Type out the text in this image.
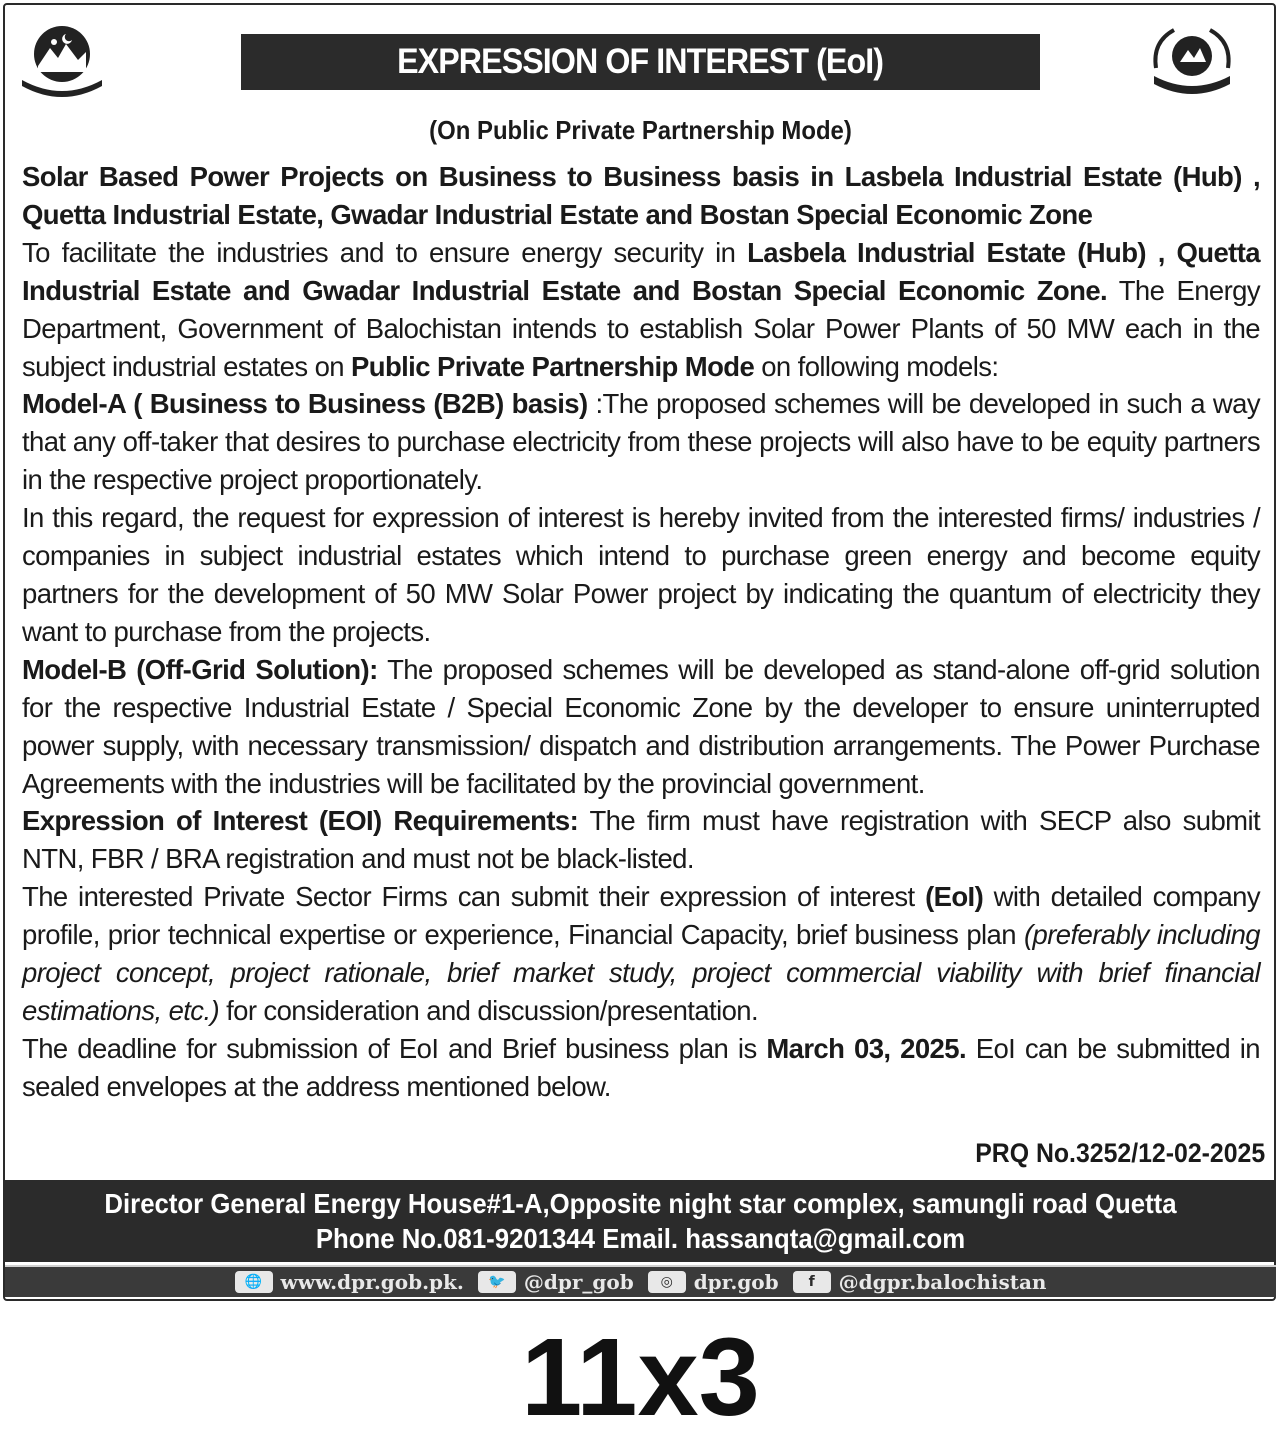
EXPRESSION OF INTEREST (EoI)
(On Public Private Partnership Mode)

Solar Based Power Projects on Business to Business basis in Lasbela Industrial Estate (Hub) , Quetta Industrial Estate, Gwadar Industrial Estate and Bostan Special Economic Zone

To facilitate the industries and to ensure energy security in Lasbela Industrial Estate (Hub) , Quetta Industrial Estate and Gwadar Industrial Estate and Bostan Special Economic Zone. The Energy Department, Government of Balochistan intends to establish Solar Power Plants of 50 MW each in the subject industrial estates on Public Private Partnership Mode on following models:

Model-A ( Business to Business (B2B) basis) :The proposed schemes will be developed in such a way that any off-taker that desires to purchase electricity from these projects will also have to be equity partners in the respective project proportionately.

In this regard, the request for expression of interest is hereby invited from the interested firms/ industries / companies in subject industrial estates which intend to purchase green energy and become equity partners for the development of 50 MW Solar Power project by indicating the quantum of electricity they want to purchase from the projects.

Model-B (Off-Grid Solution): The proposed schemes will be developed as stand-alone off-grid solution for the respective Industrial Estate / Special Economic Zone by the developer to ensure uninterrupted power supply, with necessary transmission/ dispatch and distribution arrangements. The Power Purchase Agreements with the industries will be facilitated by the provincial government.

Expression of Interest (EOI) Requirements: The firm must have registration with SECP also submit NTN, FBR / BRA registration and must not be black-listed.

The interested Private Sector Firms can submit their expression of interest (EoI) with detailed company profile, prior technical expertise or experience, Financial Capacity, brief business plan (preferably including project concept, project rationale, brief market study, project commercial viability with brief financial estimations, etc.) for consideration and discussion/presentation.

The deadline for submission of EoI and Brief business plan is March 03, 2025. EoI can be submitted in sealed envelopes at the address mentioned below.

PRQ No.3252/12-02-2025
Director General Energy House#1-A,Opposite night star complex, samungli road Quetta
Phone No.081-9201344 Email. hassanqta@gmail.com
🌐 www.dpr.gob.pk.	🐦 @dpr_gob	◎	dpr.gob	f	@dgpr.balochistan
11x3
